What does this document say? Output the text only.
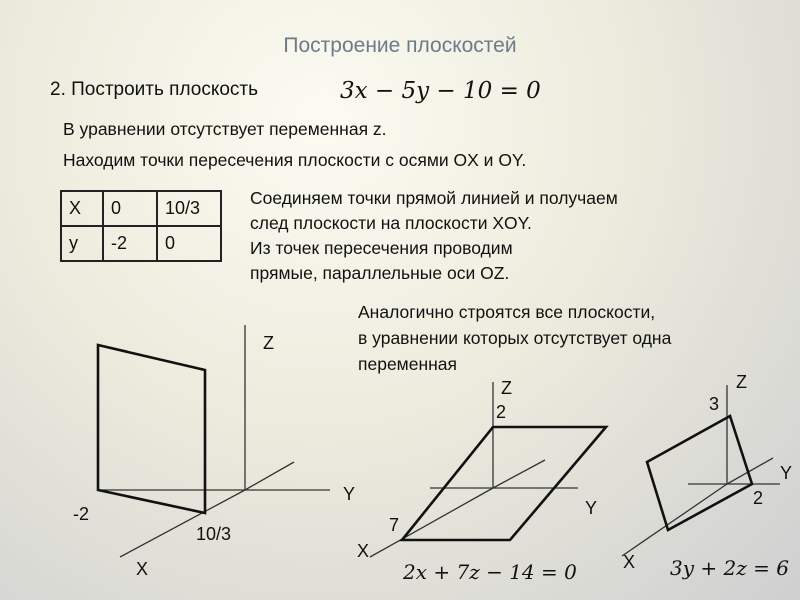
Построение плоскостей
2. Построить плоскость	3x − 5y − 10 = 0
В уравнении отсутствует переменная z.
Находим точки пересечения плоскости с осями OX и OY.
X	0	10/3
y	-2	0
Соединяем точки прямой линией и получаем
след плоскости на плоскости XOY.
Из точек пересечения проводим
прямые, параллельные оси OZ.
Аналогично строятся все плоскости,
в уравнении которых отсутствует одна
переменная
Z
Y
X
-2
10/3
Z
2
Y
7
X
2x + 7z − 14 = 0
Z
3
Y
2
X 3y + 2z = 6
